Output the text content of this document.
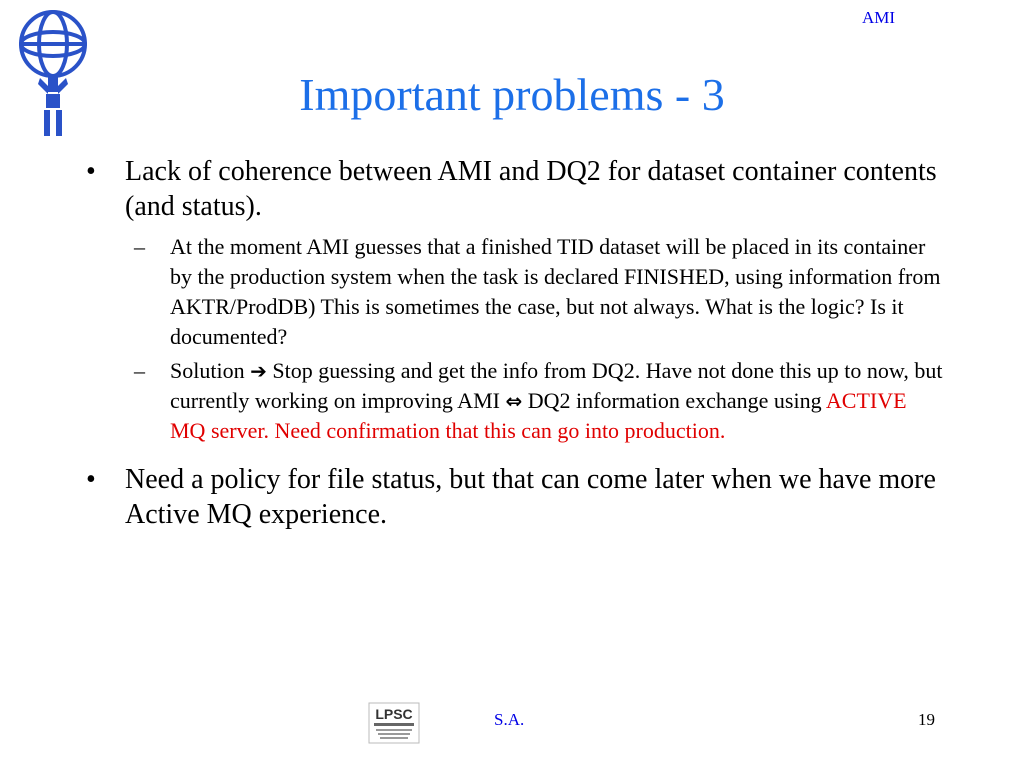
AMI
Important problems - 3
• Lack of coherence between AMI and DQ2 for dataset container contents (and status).
– At the moment AMI guesses that a finished TID dataset will be placed in its container by the production system when the task is declared FINISHED, using information from AKTR/ProdDB) This is sometimes the case, but not always. What is the logic? Is it documented?
– Solution ➔ Stop guessing and get the info from DQ2. Have not done this up to now, but currently working on improving AMI ⇔ DQ2 information exchange using ACTIVE MQ server. Need confirmation that this can go into production.
• Need a policy for file status, but that can come later when we have more Active MQ experience.
LPSC	S.A.	19
